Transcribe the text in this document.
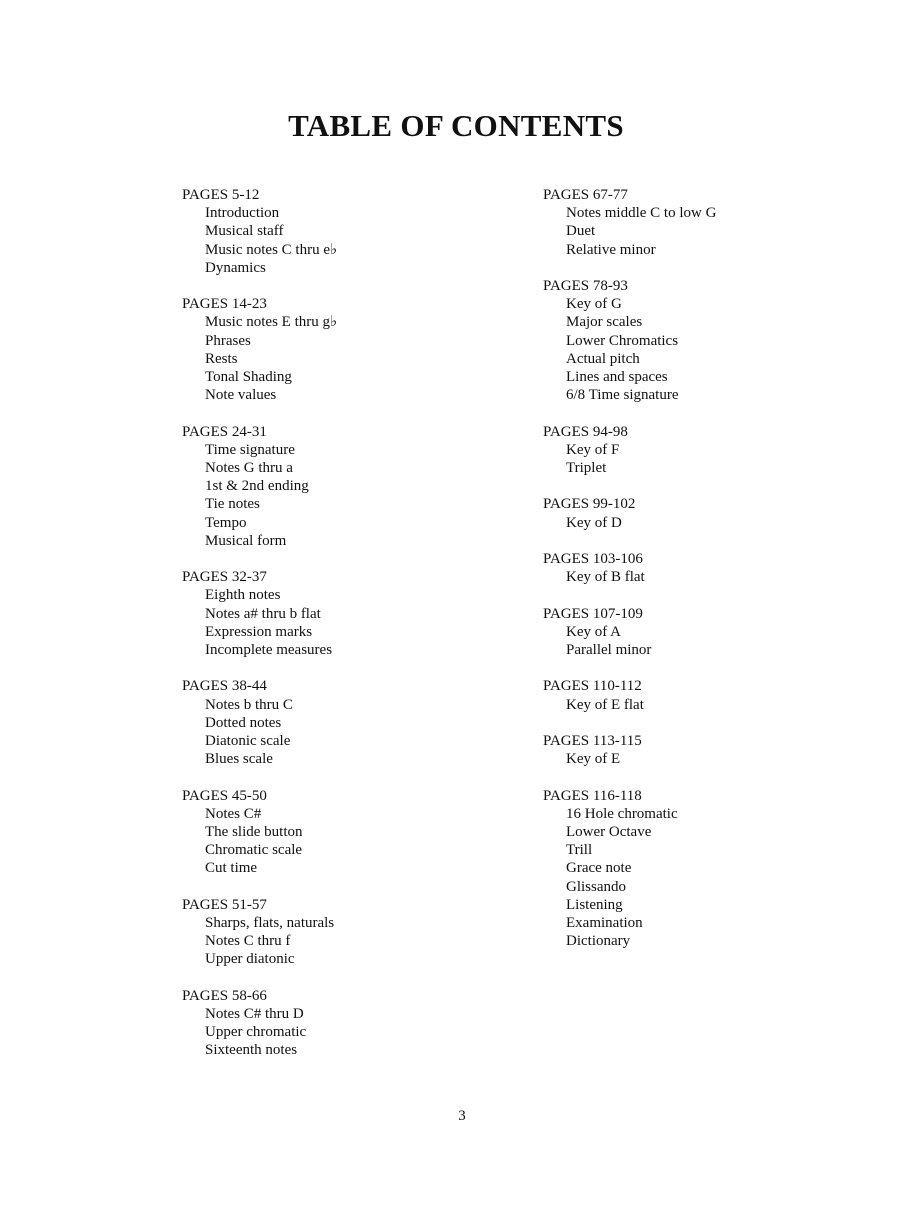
TABLE OF CONTENTS
PAGES 5-12
Introduction
Musical staff
Music notes C thru e♭
Dynamics
PAGES 14-23
Music notes E thru g♭
Phrases
Rests
Tonal Shading
Note values
PAGES 24-31
Time signature
Notes G thru a
1st & 2nd ending
Tie notes
Tempo
Musical form
PAGES 32-37
Eighth notes
Notes a# thru b flat
Expression marks
Incomplete measures
PAGES 38-44
Notes b thru C
Dotted notes
Diatonic scale
Blues scale
PAGES 45-50
Notes C#
The slide button
Chromatic scale
Cut time
PAGES 51-57
Sharps, flats, naturals
Notes C thru f
Upper diatonic
PAGES 58-66
Notes C# thru D
Upper chromatic
Sixteenth notes
PAGES 67-77
Notes middle C to low G
Duet
Relative minor
PAGES 78-93
Key of G
Major scales
Lower Chromatics
Actual pitch
Lines and spaces
6/8 Time signature
PAGES 94-98
Key of F
Triplet
PAGES 99-102
Key of D
PAGES 103-106
Key of B flat
PAGES 107-109
Key of A
Parallel minor
PAGES 110-112
Key of E flat
PAGES 113-115
Key of E
PAGES 116-118
16 Hole chromatic
Lower Octave
Trill
Grace note
Glissando
Listening
Examination
Dictionary
3
